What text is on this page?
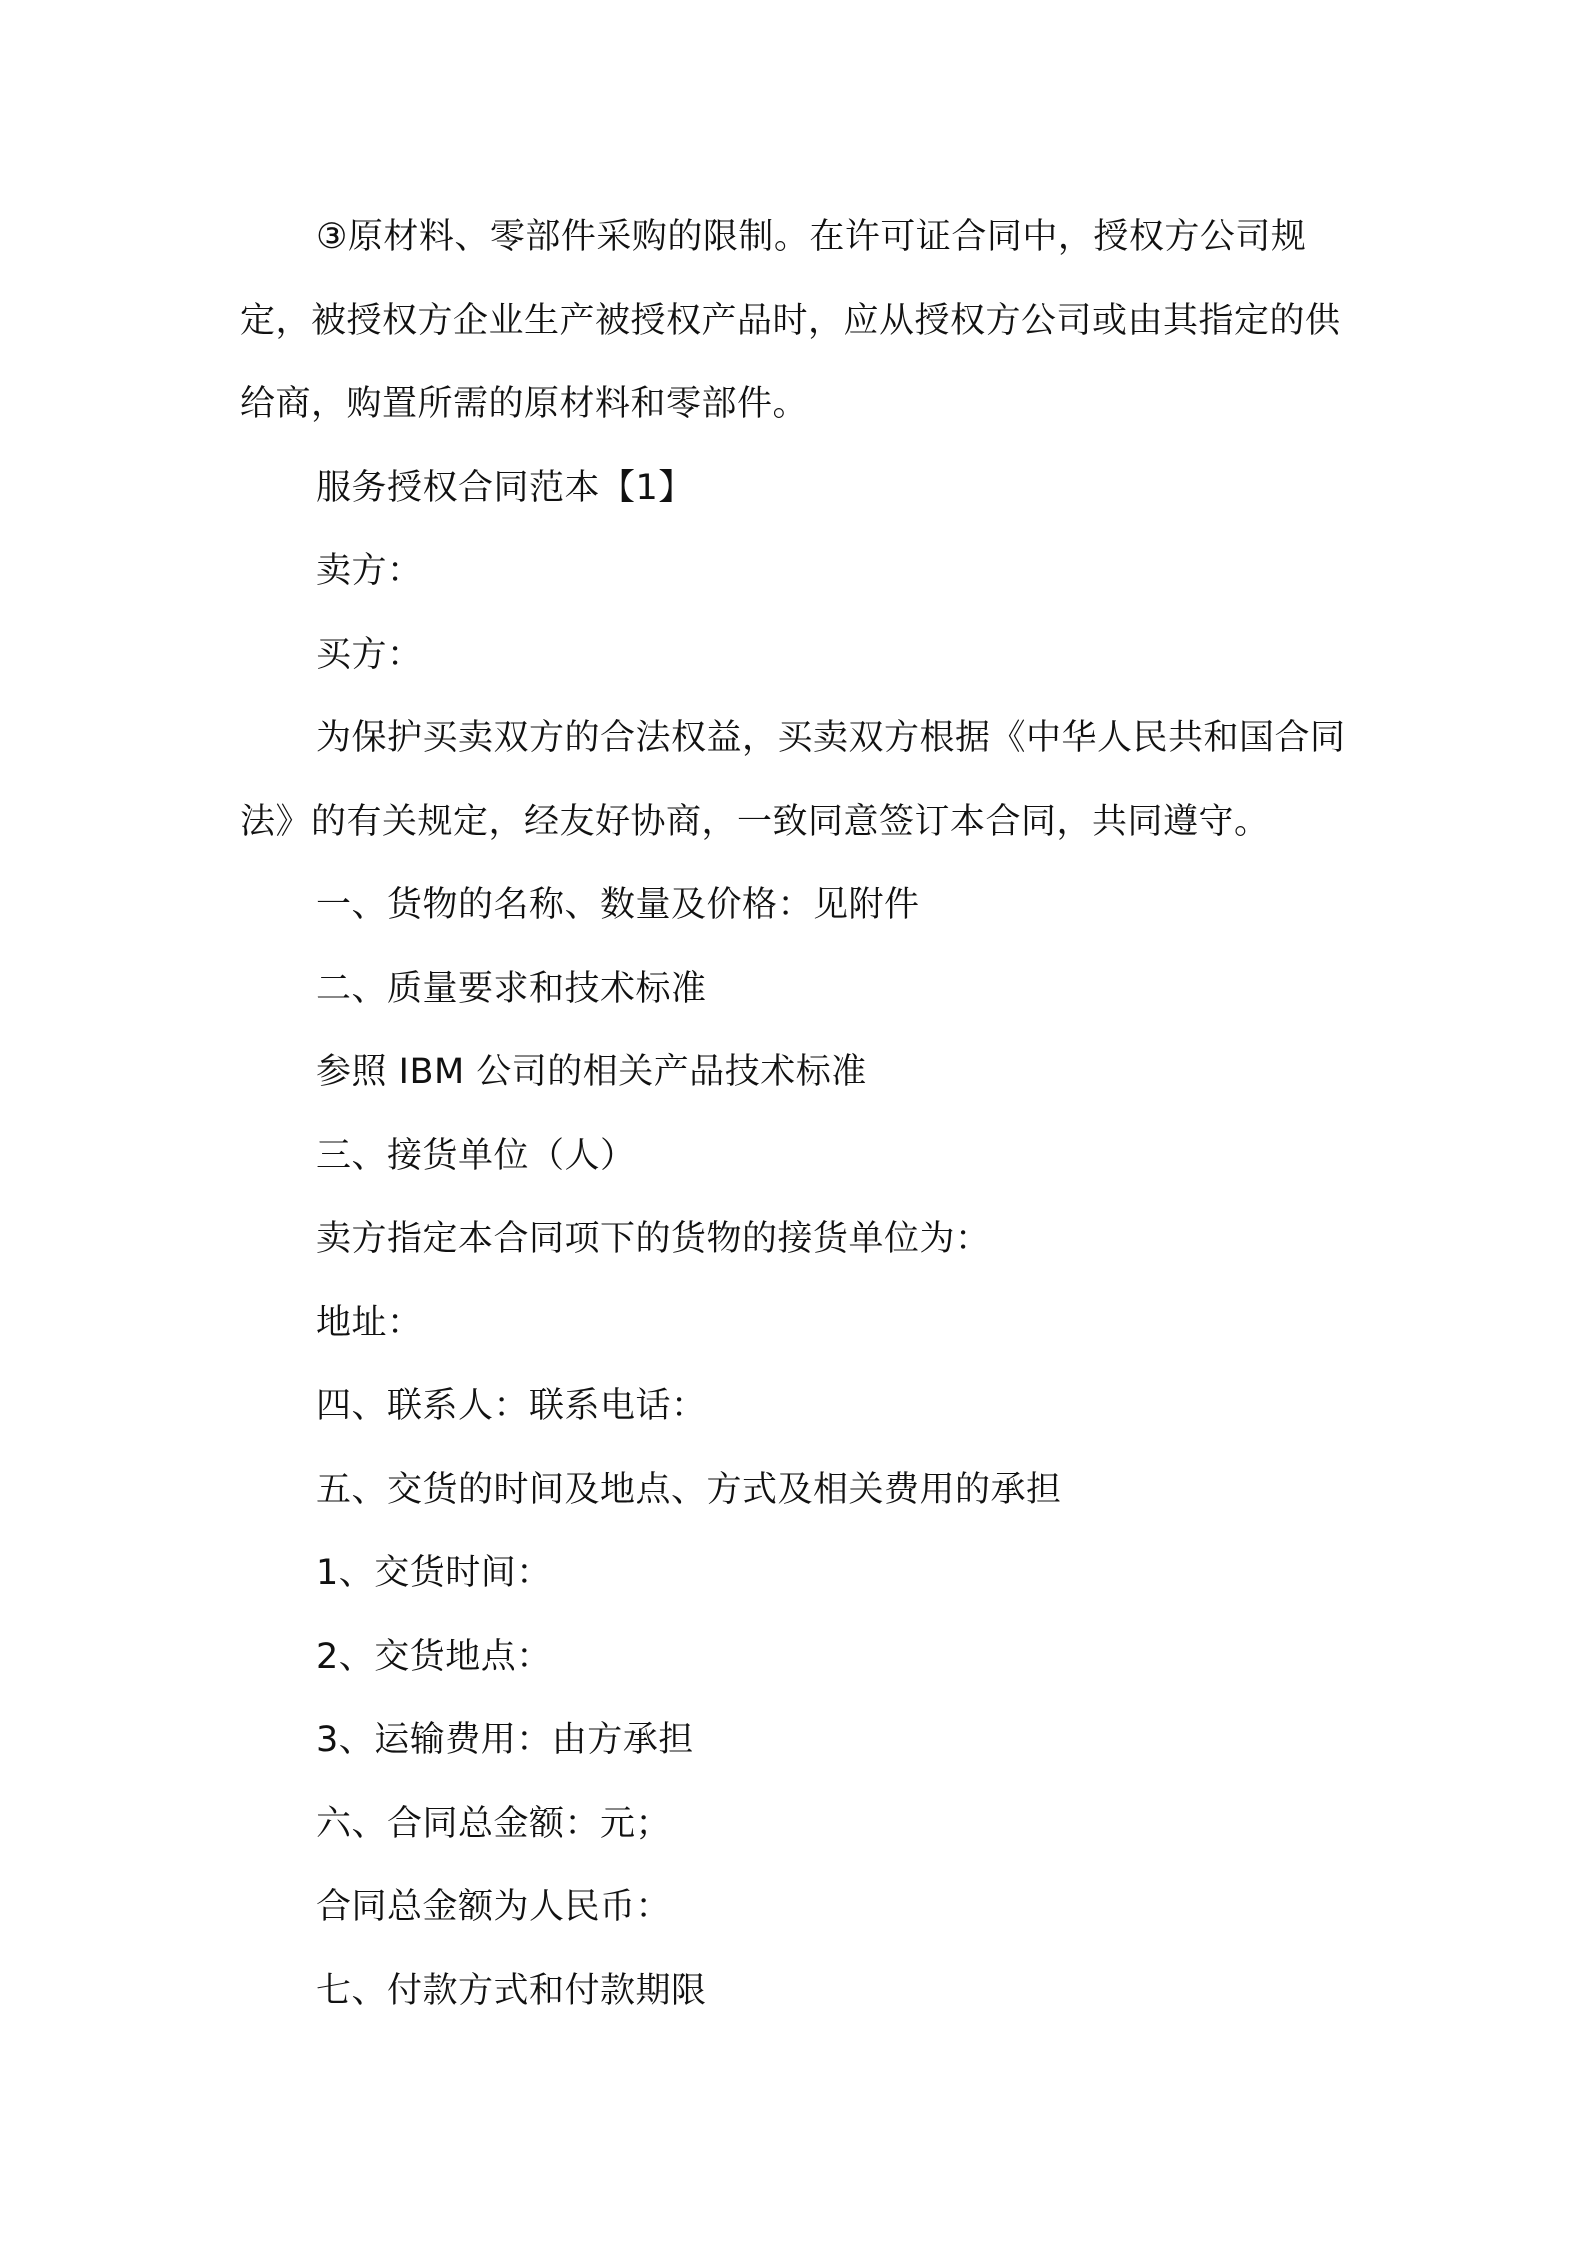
③原材料、零部件采购的限制。在许可证合同中，授权方公司规定，被授权方企业生产被授权产品时，应从授权方公司或由其指定的供给商，购置所需的原材料和零部件。

服务授权合同范本【1】

卖方：

买方：

为保护买卖双方的合法权益，买卖双方根据《中华人民共和国合同法》的有关规定，经友好协商，一致同意签订本合同，共同遵守。

一、货物的名称、数量及价格：见附件

二、质量要求和技术标准

参照 IBM 公司的相关产品技术标准

三、接货单位（人）

卖方指定本合同项下的货物的接货单位为：

地址：

四、联系人：联系电话：

五、交货的时间及地点、方式及相关费用的承担

1、交货时间：

2、交货地点：

3、运输费用：由方承担

六、合同总金额：元；

合同总金额为人民币：

七、付款方式和付款期限
